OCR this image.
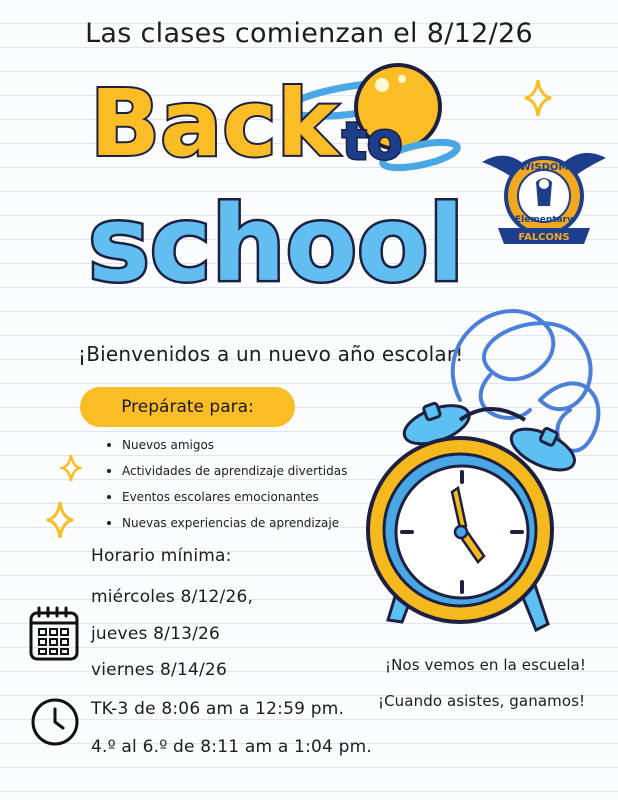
Las clases comienzan el 8/12/26
Back to
school
WISDOM
Elementary
FALCONS
¡Bienvenidos a un nuevo año escolar!
Prepárate para:
Nuevos amigos
Actividades de aprendizaje divertidas
Eventos escolares emocionantes
Nuevas experiencias de aprendizaje
Horario mínima:
miércoles 8/12/26,
jueves 8/13/26
viernes 8/14/26
TK-3 de 8:06 am a 12:59 pm.
4.º al 6.º de 8:11 am a 1:04 pm.
¡Nos vemos en la escuela!
¡Cuando asistes, ganamos!
